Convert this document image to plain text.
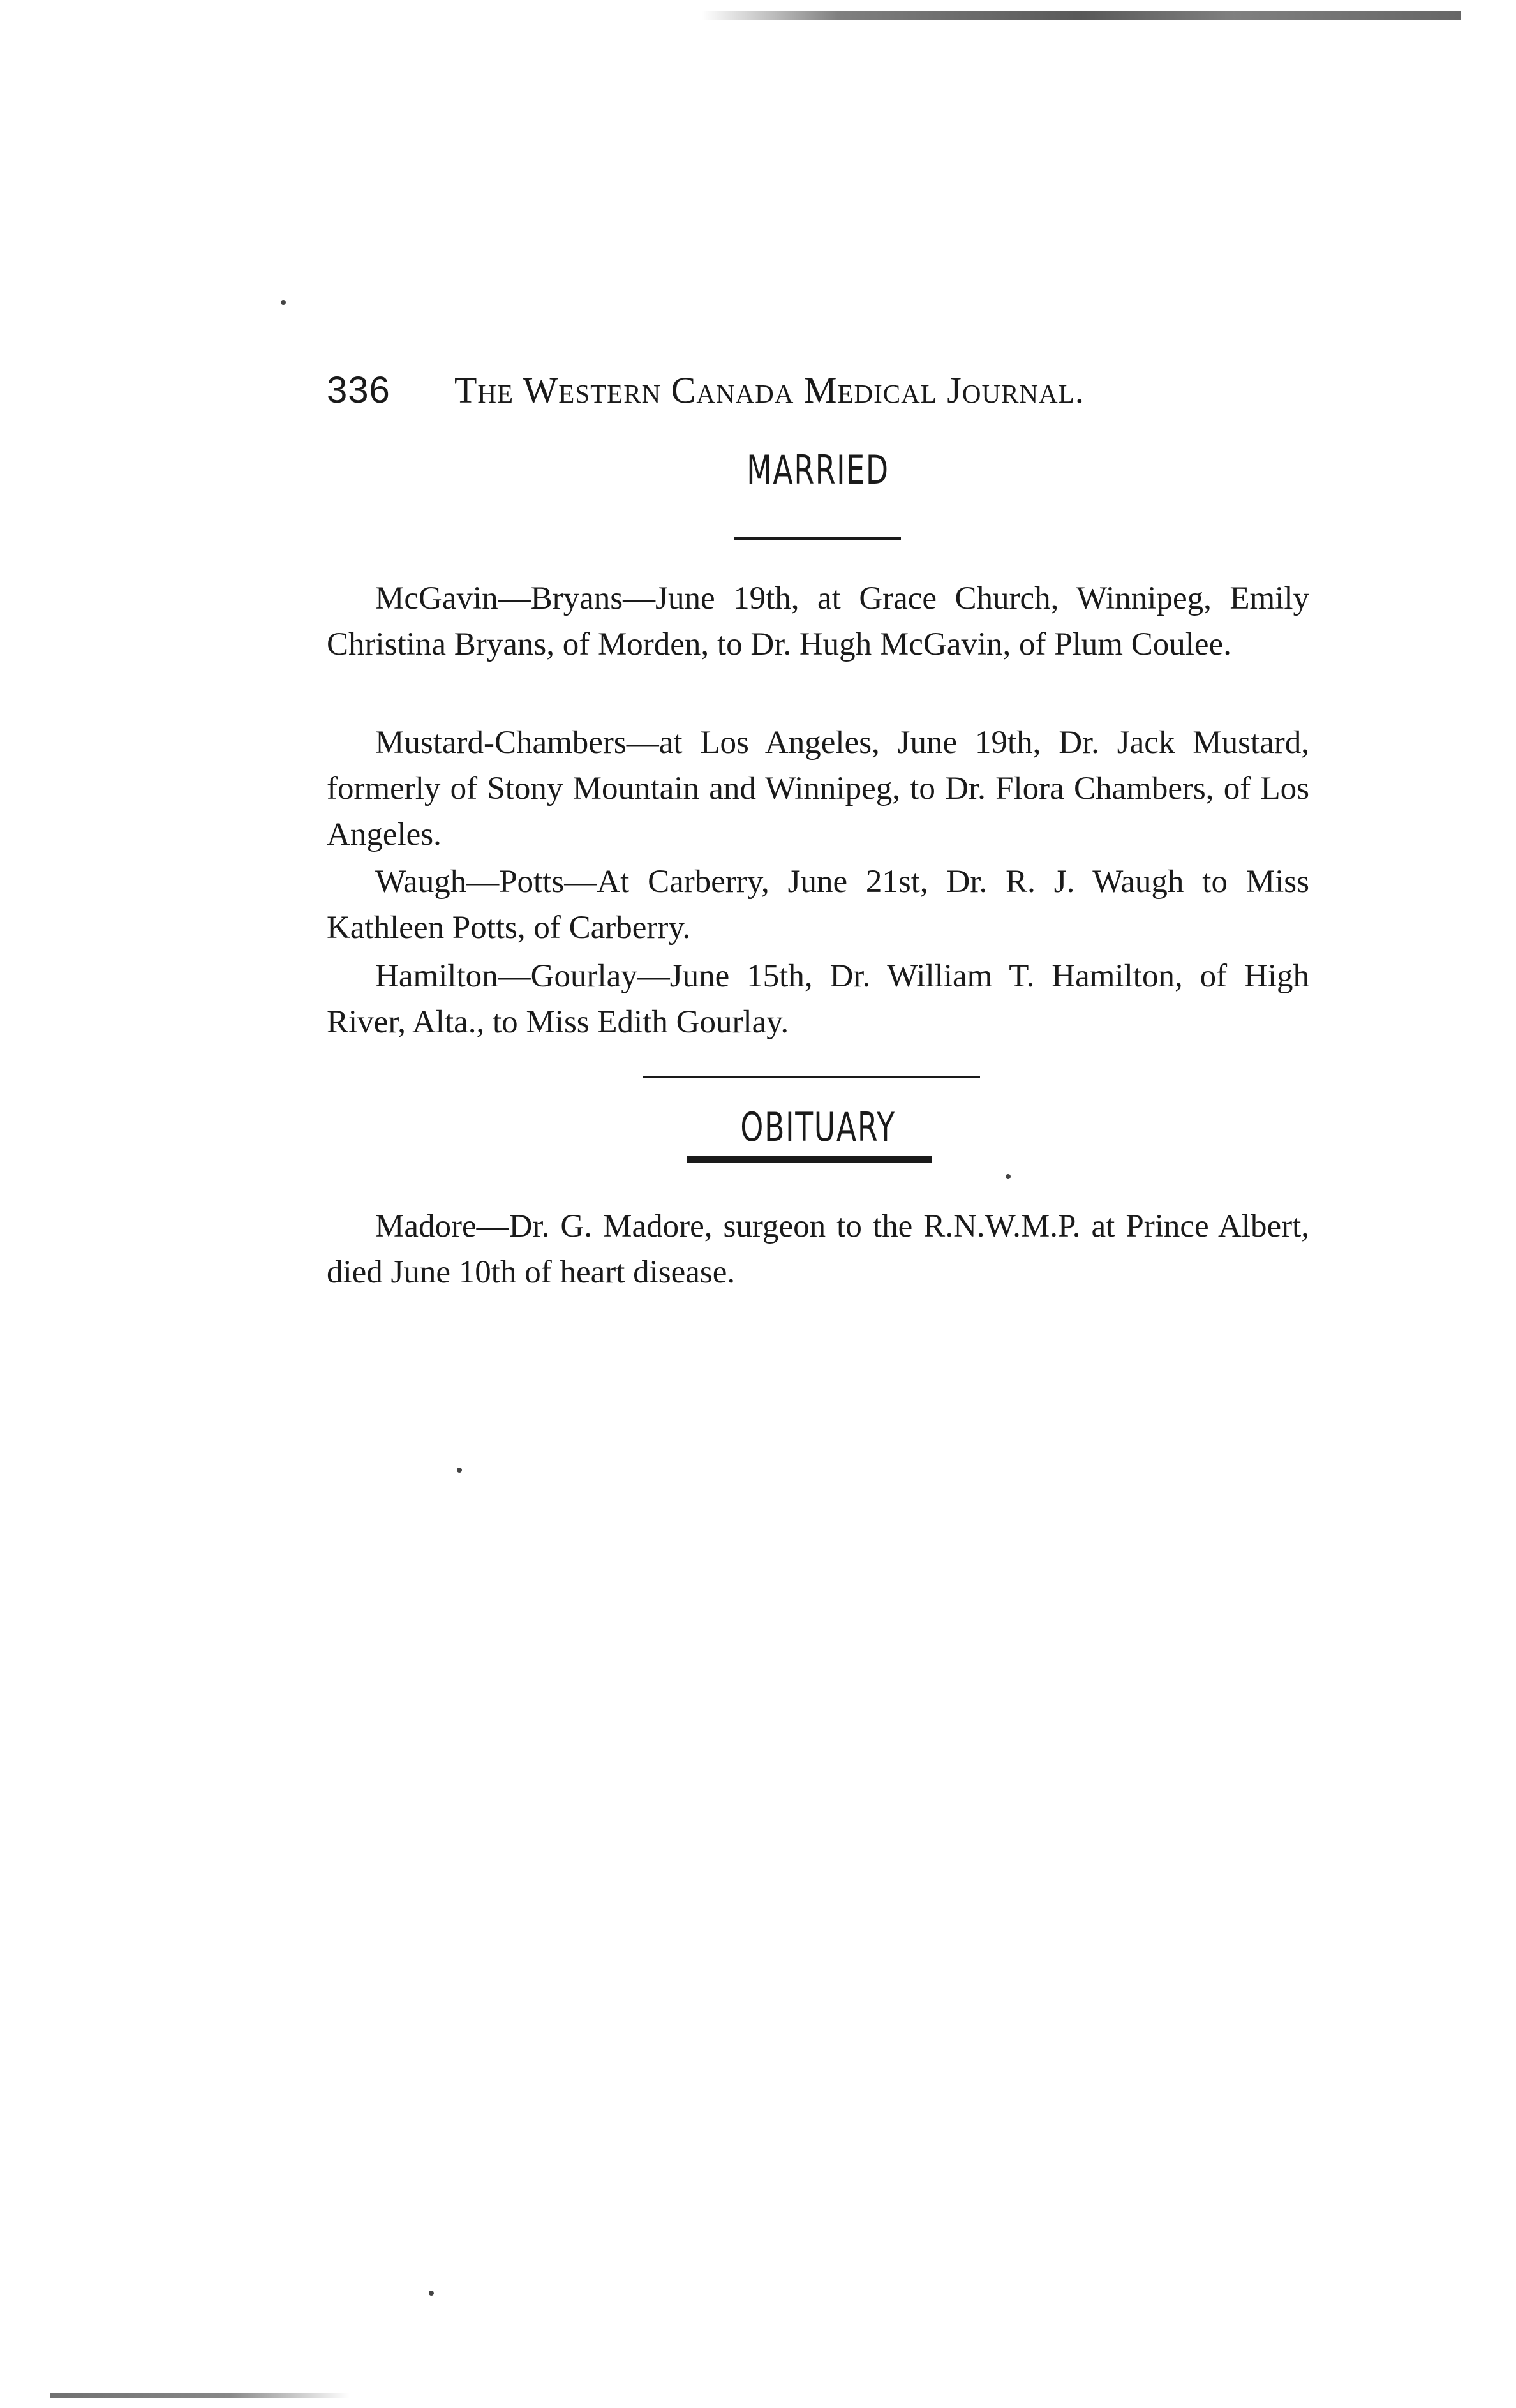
336 The Western Canada Medical Journal.
MARRIED
McGavin—Bryans—June 19th, at Grace Church, Winnipeg, Emily Christina Bryans, of Morden, to Dr. Hugh McGavin, of Plum Coulee.
Mustard-Chambers—at Los Angeles, June 19th, Dr. Jack Mustard, formerly of Stony Mountain and Winnipeg, to Dr. Flora Chambers, of Los Angeles.
Waugh—Potts—At Carberry, June 21st, Dr. R. J. Waugh to Miss Kathleen Potts, of Carberry.
Hamilton—Gourlay—June 15th, Dr. William T. Hamilton, of High River, Alta., to Miss Edith Gourlay.
OBITUARY
Madore—Dr. G. Madore, surgeon to the R.N.W.M.P. at Prince Albert, died June 10th of heart disease.
